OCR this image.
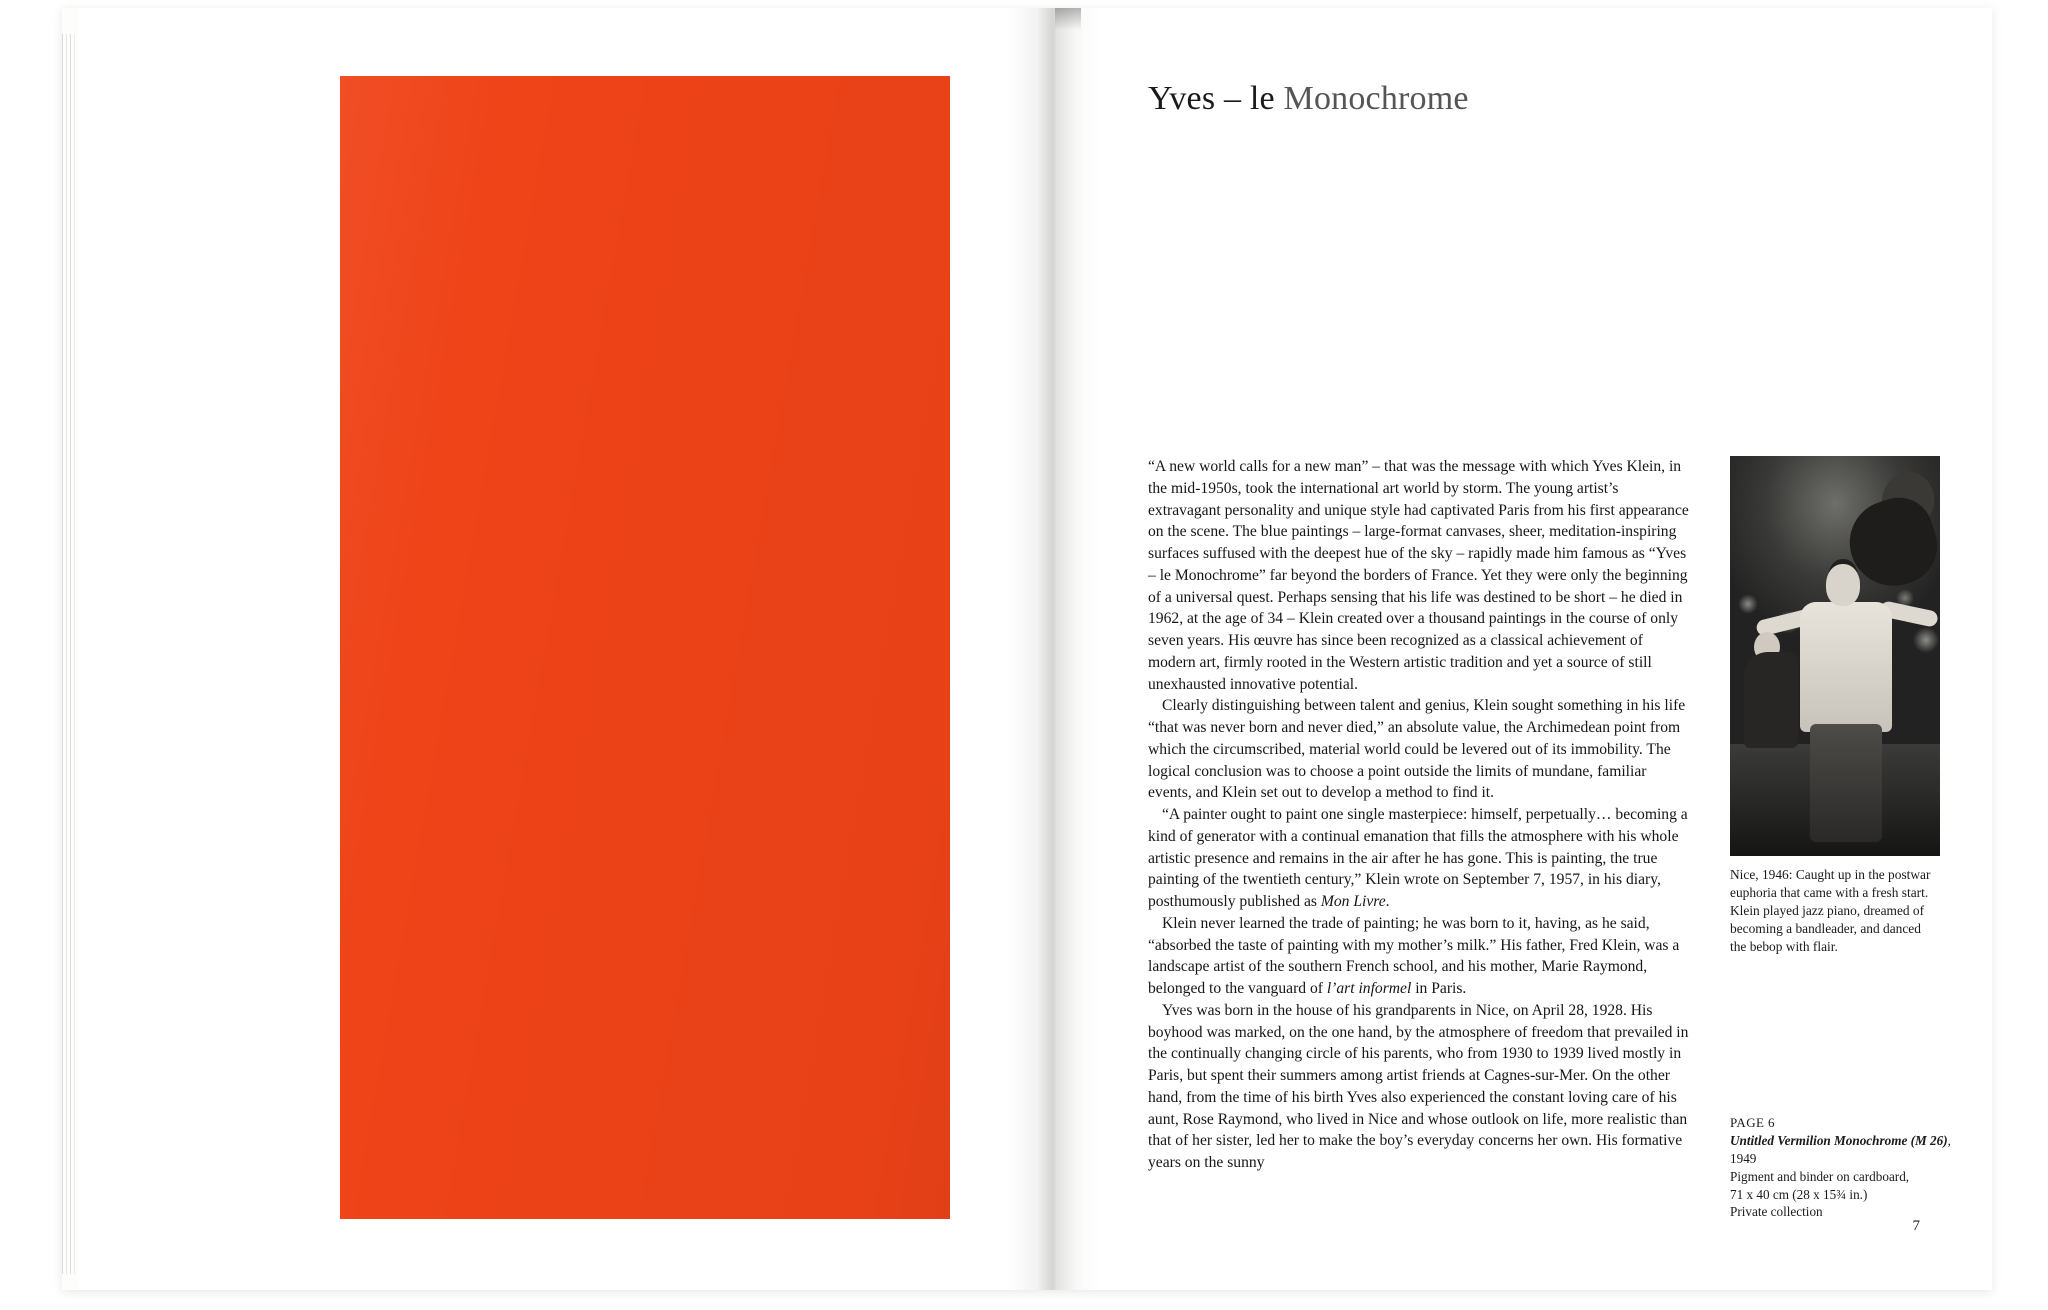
Yves – le Monochrome

“A new world calls for a new man” – that was the message with which Yves Klein, in the mid-1950s, took the international art world by storm. The young artist’s extravagant personality and unique style had captivated Paris from his first appearance on the scene. The blue paintings – large-format canvases, sheer, meditation-inspiring surfaces suffused with the deepest hue of the sky – rapidly made him famous as “Yves – le Monochrome” far beyond the borders of France. Yet they were only the beginning of a universal quest. Perhaps sensing that his life was destined to be short – he died in 1962, at the age of 34 – Klein created over a thousand paintings in the course of only seven years. His œuvre has since been recognized as a classical achievement of modern art, firmly rooted in the Western artistic tradition and yet a source of still unexhausted innovative potential.

Clearly distinguishing between talent and genius, Klein sought something in his life “that was never born and never died,” an absolute value, the Archimedean point from which the circumscribed, material world could be levered out of its immobility. The logical conclusion was to choose a point outside the limits of mundane, familiar events, and Klein set out to develop a method to find it.

“A painter ought to paint one single masterpiece: himself, perpetually… becoming a kind of generator with a continual emanation that fills the atmosphere with his whole artistic presence and remains in the air after he has gone. This is painting, the true painting of the twentieth century,” Klein wrote on September 7, 1957, in his diary, posthumously published as Mon Livre.

Klein never learned the trade of painting; he was born to it, having, as he said, “absorbed the taste of painting with my mother’s milk.” His father, Fred Klein, was a landscape artist of the southern French school, and his mother, Marie Raymond, belonged to the vanguard of l’art informel in Paris.

Yves was born in the house of his grandparents in Nice, on April 28, 1928. His boyhood was marked, on the one hand, by the atmosphere of freedom that prevailed in the continually changing circle of his parents, who from 1930 to 1939 lived mostly in Paris, but spent their summers among artist friends at Cagnes-sur-Mer. On the other hand, from the time of his birth Yves also experienced the constant loving care of his aunt, Rose Raymond, who lived in Nice and whose outlook on life, more realistic than that of her sister, led her to make the boy’s everyday concerns her own. His formative years on the sunny

Nice, 1946: Caught up in the postwar euphoria that came with a fresh start. Klein played jazz piano, dreamed of becoming a bandleader, and danced the bebop with flair.
PAGE 6
Untitled Vermilion Monochrome (M 26), 1949
Pigment and binder on cardboard,
71 x 40 cm (28 x 15¾ in.)
Private collection
7
